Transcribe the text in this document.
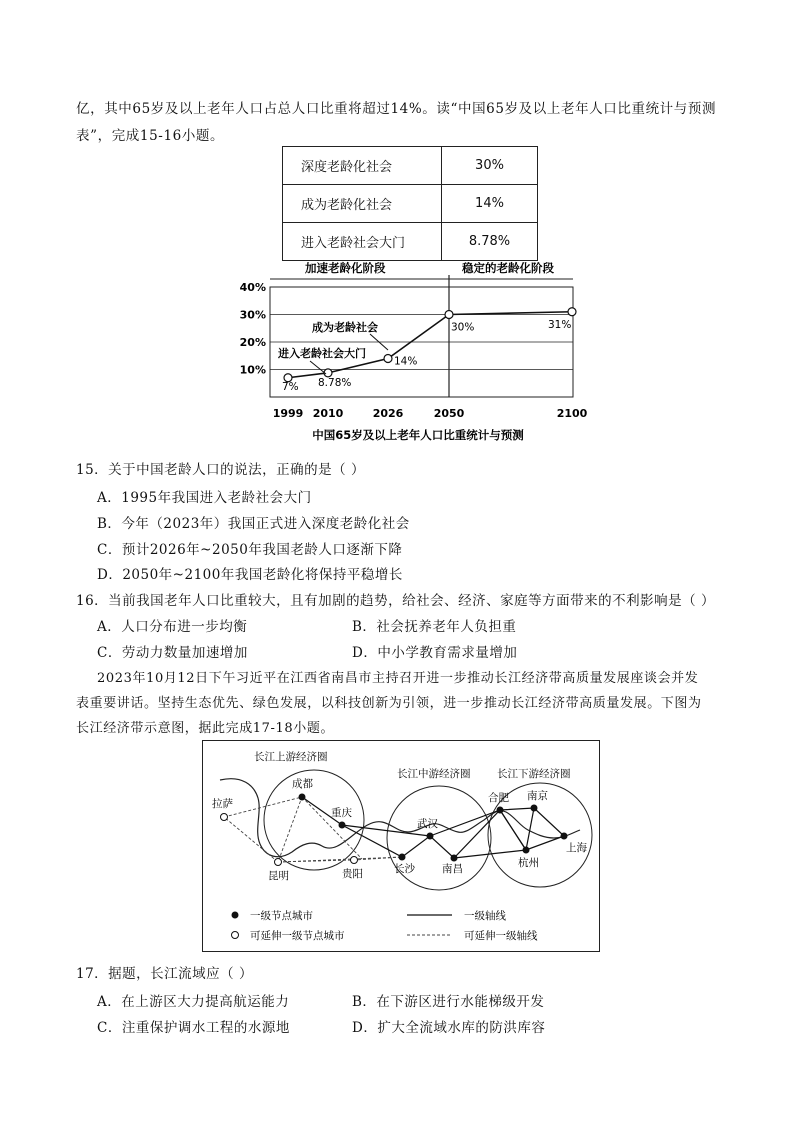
亿，其中65岁及以上老年人口占总人口比重将超过14%。读“中国65岁及以上老年人口比重统计与预测
表”，完成15-16小题。
深度老龄化社会	30%
成为老龄化社会	14%
进入老龄社会大门	8.78%
加速老龄化阶段	稳定的老龄化阶段
10%
20%
30%
40%
1999 2010	2026	2050	2100
7% 8.78%
14%
30%	31%
成为老龄社会
进入老龄社会大门
中国65岁及以上老年人口比重统计与预测
15．关于中国老龄人口的说法，正确的是（ ）
A．1995年我国进入老龄社会大门
B．今年（2023年）我国正式进入深度老龄化社会
C．预计2026年~2050年我国老龄人口逐渐下降
D．2050年~2100年我国老龄化将保持平稳增长
16．当前我国老年人口比重较大，且有加剧的趋势，给社会、经济、家庭等方面带来的不利影响是（ ）
A．人口分布进一步均衡	B．社会抚养老年人负担重
C．劳动力数量加速增加	D．中小学教育需求量增加
2023年10月12日下午习近平在江西省南昌市主持召开进一步推动长江经济带高质量发展座谈会并发
表重要讲话。坚持生态优先、绿色发展，以科技创新为引领，进一步推动长江经济带高质量发展。下图为
长江经济带示意图，据此完成17-18小题。
长江上游经济圈
长江中游经济圈	长江下游经济圈
拉萨
成都
重庆
昆明	贵阳
武汉
长沙	南昌
合肥 南京
上海
杭州
一级节点城市
可延伸一级节点城市
一级轴线
可延伸一级轴线
17．据题，长江流域应（ ）
A．在上游区大力提高航运能力	B．在下游区进行水能梯级开发
C．注重保护调水工程的水源地	D．扩大全流域水库的防洪库容
